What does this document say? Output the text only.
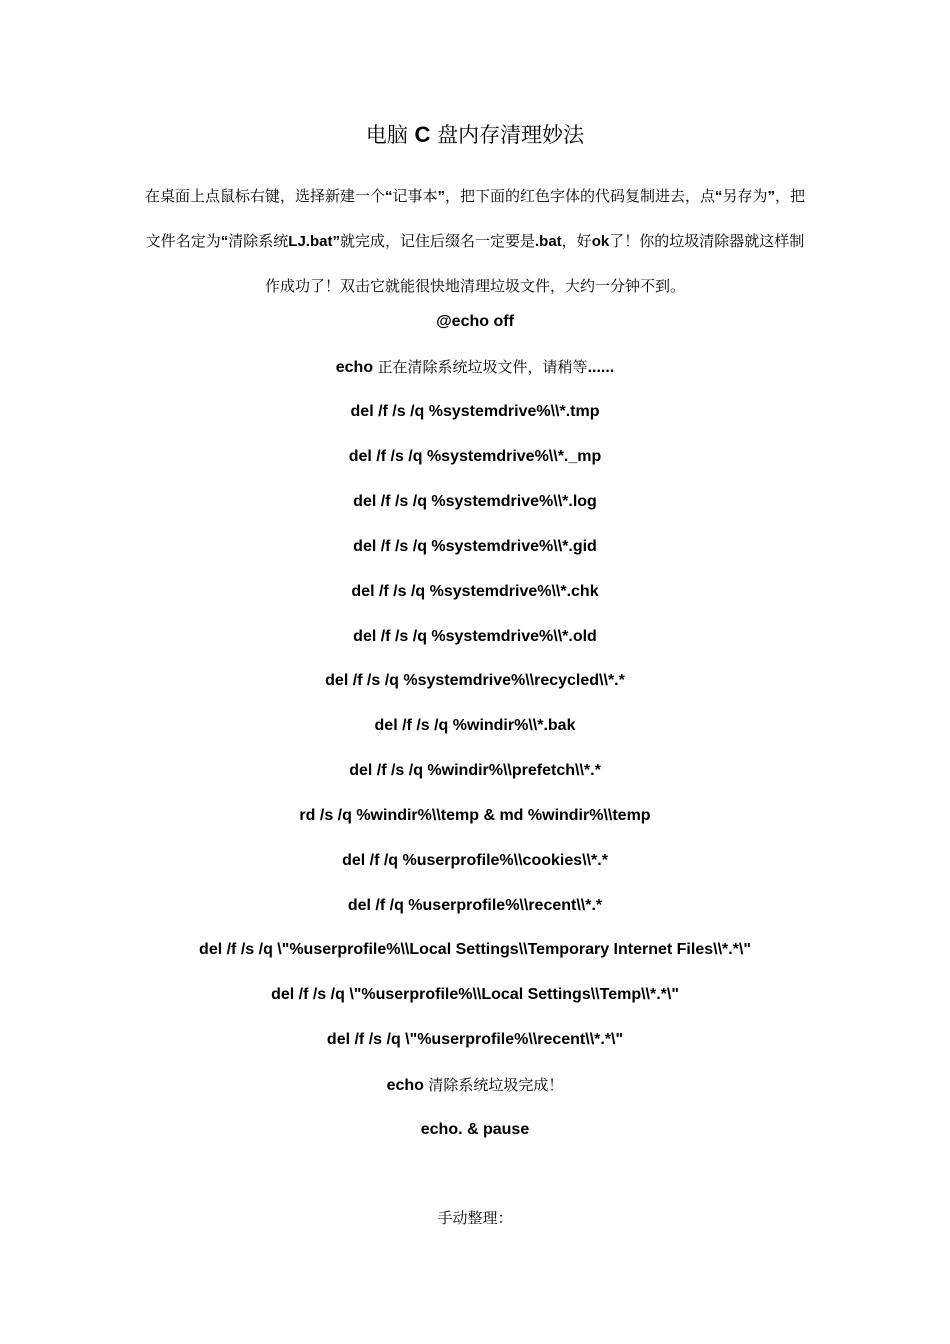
电脑 C 盘内存清理妙法
在桌面上点鼠标右键，选择新建一个“记事本”，把下面的红色字体的代码复制进去，点“另存为”，把文件名定为“清除系统LJ.bat”就完成，记住后缀名一定要是.bat，好ok了！你的垃圾清除器就这样制作成功了！双击它就能很快地清理垃圾文件，大约一分钟不到。
@echo off
echo 正在清除系统垃圾文件，请稍等......
del /f /s /q %systemdrive%\\*.tmp
del /f /s /q %systemdrive%\\*._mp
del /f /s /q %systemdrive%\\*.log
del /f /s /q %systemdrive%\\*.gid
del /f /s /q %systemdrive%\\*.chk
del /f /s /q %systemdrive%\\*.old
del /f /s /q %systemdrive%\\recycled\\*.*
del /f /s /q %windir%\\*.bak
del /f /s /q %windir%\\prefetch\\*.*
rd /s /q %windir%\\temp & md %windir%\\temp
del /f /q %userprofile%\\cookies\\*.*
del /f /q %userprofile%\\recent\\*.*
del /f /s /q \"%userprofile%\\Local Settings\\Temporary Internet Files\\*.*\"
del /f /s /q \"%userprofile%\\Local Settings\\Temp\\*.*\"
del /f /s /q \"%userprofile%\\recent\\*.*\"
echo 清除系统垃圾完成！
echo. & pause
手动整理：
